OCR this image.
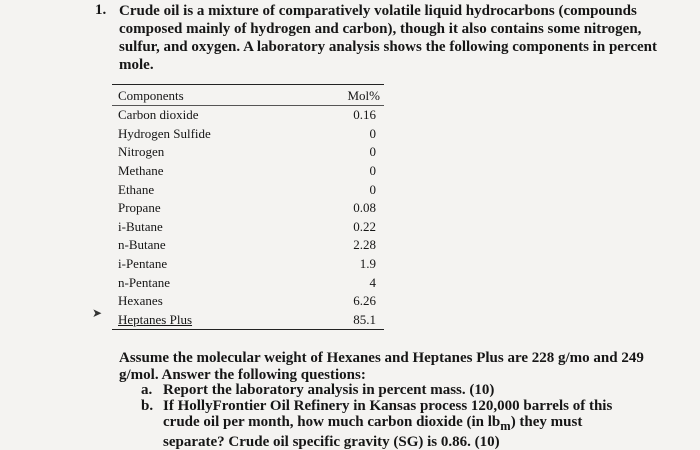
1. Crude oil is a mixture of comparatively volatile liquid hydrocarbons (compounds composed mainly of hydrogen and carbon), though it also contains some nitrogen, sulfur, and oxygen. A laboratory analysis shows the following components in percent mole.
Components	Mol%
Carbon dioxide	0.16
Hydrogen Sulfide	0
Nitrogen	0
Methane	0
Ethane	0
Propane	0.08
i-Butane	0.22
n-Butane	2.28
i-Pentane	1.9
n-Pentane	4
Hexanes	6.26
Heptanes Plus	85.1
➤
Assume the molecular weight of Hexanes and Heptanes Plus are 228 g/mo and 249 g/mol. Answer the following questions:
a. Report the laboratory analysis in percent mass. (10)
b. If HollyFrontier Oil Refinery in Kansas process 120,000 barrels of this crude oil per month, how much carbon dioxide (in $lb_m$) they must separate? Crude oil specific gravity (SG) is 0.86. (10)
